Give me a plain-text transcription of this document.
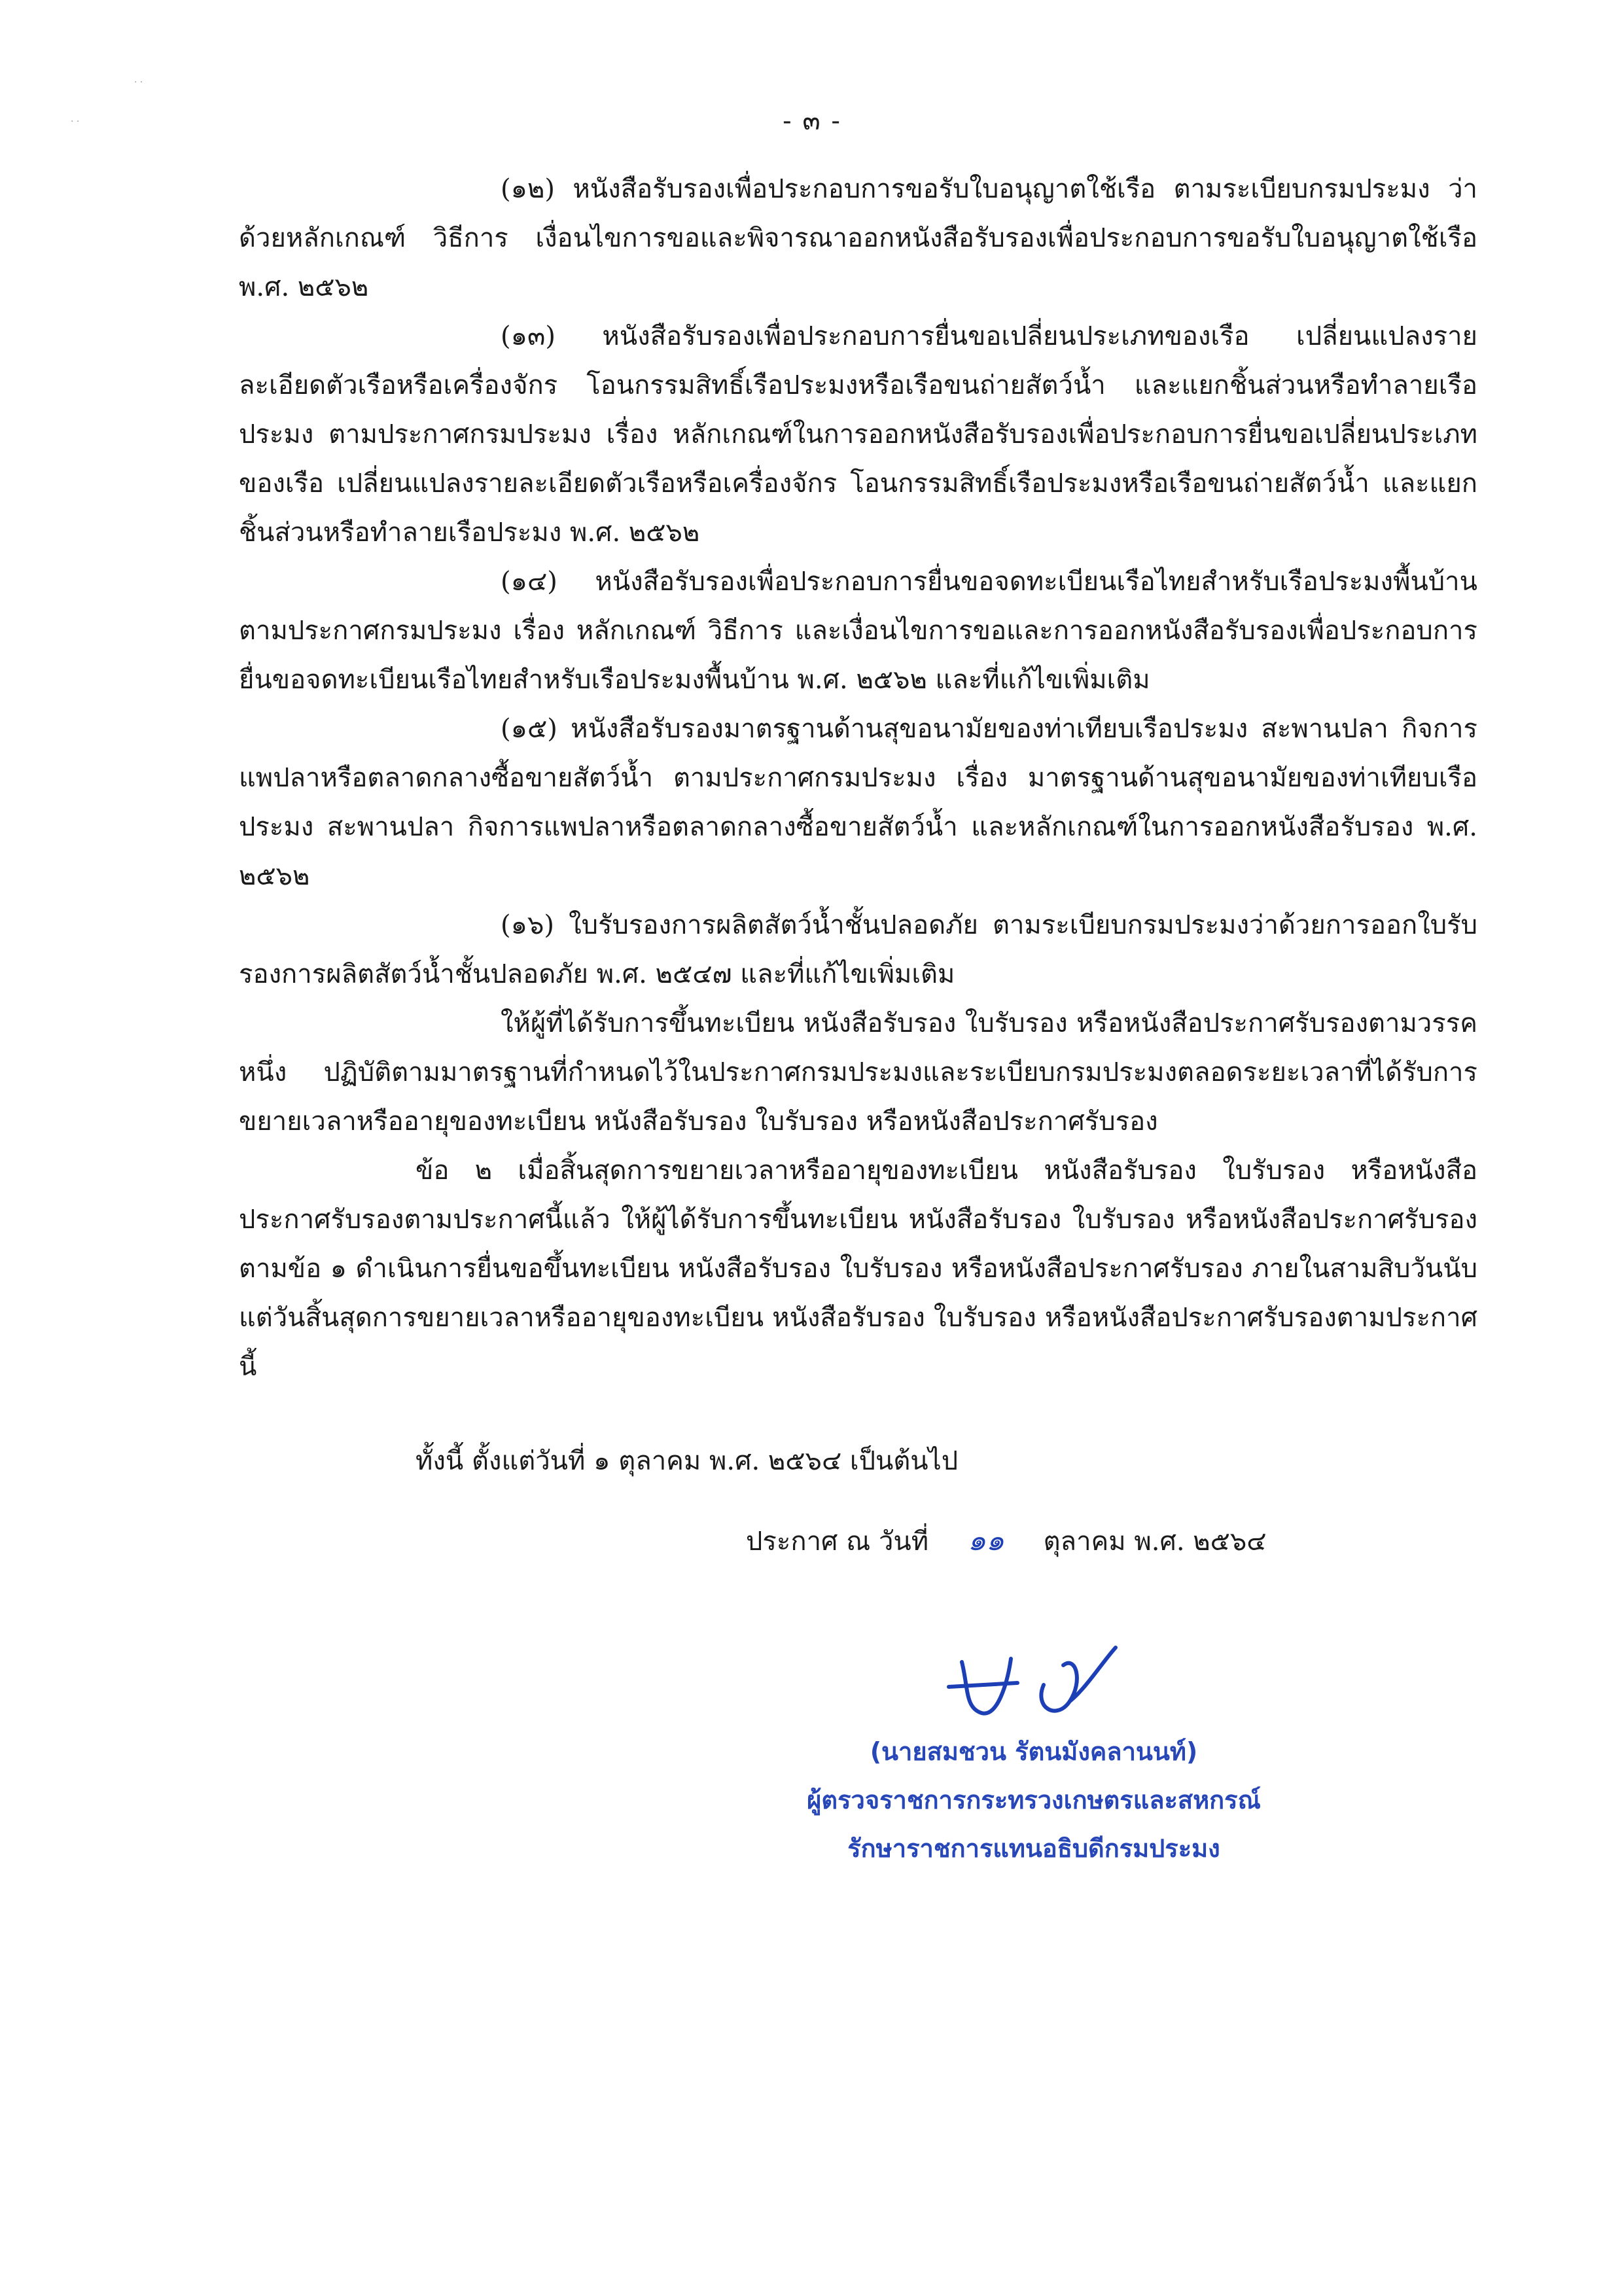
· ·
· ·	- ๓ -

(๑๒) หนังสือรับรองเพื่อประกอบการขอรับใบอนุญาตใช้เรือ ตามระเบียบกรมประมง ว่าด้วยหลักเกณฑ์ วิธีการ เงื่อนไขการขอและพิจารณาออกหนังสือรับรองเพื่อประกอบการขอรับใบอนุญาตใช้เรือ พ.ศ. ๒๕๖๒

(๑๓) หนังสือรับรองเพื่อประกอบการยื่นขอเปลี่ยนประเภทของเรือ เปลี่ยนแปลงรายละเอียดตัวเรือหรือเครื่องจักร โอนกรรมสิทธิ์เรือประมงหรือเรือขนถ่ายสัตว์น้ำ และแยกชิ้นส่วนหรือทำลายเรือประมง ตามประกาศกรมประมง เรื่อง หลักเกณฑ์ในการออกหนังสือรับรองเพื่อประกอบการยื่นขอเปลี่ยนประเภทของเรือ เปลี่ยนแปลงรายละเอียดตัวเรือหรือเครื่องจักร โอนกรรมสิทธิ์เรือประมงหรือเรือขนถ่ายสัตว์น้ำ และแยกชิ้นส่วนหรือทำลายเรือประมง พ.ศ. ๒๕๖๒

(๑๔) หนังสือรับรองเพื่อประกอบการยื่นขอจดทะเบียนเรือไทยสำหรับเรือประมงพื้นบ้าน ตามประกาศกรมประมง เรื่อง หลักเกณฑ์ วิธีการ และเงื่อนไขการขอและการออกหนังสือรับรองเพื่อประกอบการยื่นขอจดทะเบียนเรือไทยสำหรับเรือประมงพื้นบ้าน พ.ศ. ๒๕๖๒ และที่แก้ไขเพิ่มเติม

(๑๕) หนังสือรับรองมาตรฐานด้านสุขอนามัยของท่าเทียบเรือประมง สะพานปลา กิจการแพปลาหรือตลาดกลางซื้อขายสัตว์น้ำ ตามประกาศกรมประมง เรื่อง มาตรฐานด้านสุขอนามัยของท่าเทียบเรือประมง สะพานปลา กิจการแพปลาหรือตลาดกลางซื้อขายสัตว์น้ำ และหลักเกณฑ์ในการออกหนังสือรับรอง พ.ศ. ๒๕๖๒

(๑๖) ใบรับรองการผลิตสัตว์น้ำชั้นปลอดภัย ตามระเบียบกรมประมงว่าด้วยการออกใบรับรองการผลิตสัตว์น้ำชั้นปลอดภัย พ.ศ. ๒๕๔๗ และที่แก้ไขเพิ่มเติม

ให้ผู้ที่ได้รับการขึ้นทะเบียน หนังสือรับรอง ใบรับรอง หรือหนังสือประกาศรับรองตามวรรคหนึ่ง ปฏิบัติตามมาตรฐานที่กำหนดไว้ในประกาศกรมประมงและระเบียบกรมประมงตลอดระยะเวลาที่ได้รับการขยายเวลาหรืออายุของทะเบียน หนังสือรับรอง ใบรับรอง หรือหนังสือประกาศรับรอง

ข้อ ๒ เมื่อสิ้นสุดการขยายเวลาหรืออายุของทะเบียน หนังสือรับรอง ใบรับรอง หรือหนังสือประกาศรับรองตามประกาศนี้แล้ว ให้ผู้ได้รับการขึ้นทะเบียน หนังสือรับรอง ใบรับรอง หรือหนังสือประกาศรับรองตามข้อ ๑ ดำเนินการยื่นขอขึ้นทะเบียน หนังสือรับรอง ใบรับรอง หรือหนังสือประกาศรับรอง ภายในสามสิบวันนับแต่วันสิ้นสุดการขยายเวลาหรืออายุของทะเบียน หนังสือรับรอง ใบรับรอง หรือหนังสือประกาศรับรองตามประกาศนี้

ทั้งนี้ ตั้งแต่วันที่ ๑ ตุลาคม พ.ศ. ๒๕๖๔ เป็นต้นไป
ประกาศ ณ วันที่ ๑๑ ตุลาคม พ.ศ. ๒๕๖๔
(นายสมชวน รัตนมังคลานนท์)
ผู้ตรวจราชการกระทรวงเกษตรและสหกรณ์
รักษาราชการแทนอธิบดีกรมประมง
